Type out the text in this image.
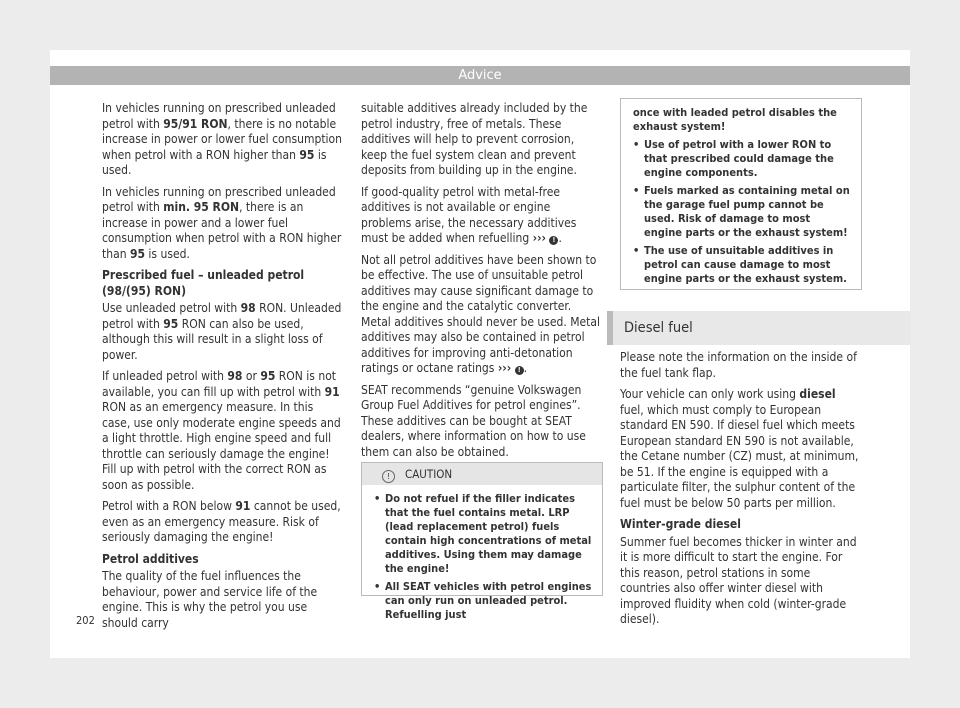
Advice

In vehicles running on prescribed unleaded petrol with 95/91 RON, there is no notable increase in power or lower fuel consumption when petrol with a RON higher than 95 is used.

In vehicles running on prescribed unleaded petrol with min. 95 RON, there is an increase in power and a lower fuel consumption when petrol with a RON higher than 95 is used.

Prescribed fuel – unleaded petrol (98/(95) RON)

Use unleaded petrol with 98 RON. Unleaded petrol with 95 RON can also be used, although this will result in a slight loss of power.

If unleaded petrol with 98 or 95 RON is not available, you can fill up with petrol with 91 RON as an emergency measure. In this case, use only moderate engine speeds and a light throttle. High engine speed and full throttle can seriously damage the engine! Fill up with petrol with the correct RON as soon as possible.

Petrol with a RON below 91 cannot be used, even as an emergency measure. Risk of seriously damaging the engine!

Petrol additives

The quality of the fuel influences the behaviour, power and service life of the engine. This is why the petrol you use should carry

suitable additives already included by the petrol industry, free of metals. These additives will help to prevent corrosion, keep the fuel system clean and prevent deposits from building up in the engine.

If good-quality petrol with metal-free additives is not available or engine problems arise, the necessary additives must be added when refuelling ››› ! .

Not all petrol additives have been shown to be effective. The use of unsuitable petrol additives may cause significant damage to the engine and the catalytic converter. Metal additives should never be used. Metal additives may also be contained in petrol additives for improving anti-detonation ratings or octane ratings ››› ! .

SEAT recommends “genuine Volkswagen Group Fuel Additives for petrol engines”. These additives can be bought at SEAT dealers, where information on how to use them can also be obtained.

! CAUTION

• Do not refuel if the filler indicates that the fuel contains metal. LRP (lead replacement petrol) fuels contain high concentrations of metal additives. Using them may damage the engine!

• All SEAT vehicles with petrol engines can only run on unleaded petrol. Refuelling just

once with leaded petrol disables the exhaust system!

• Use of petrol with a lower RON to that prescribed could damage the engine components.

• Fuels marked as containing metal on the garage fuel pump cannot be used. Risk of damage to most engine parts or the exhaust system!

• The use of unsuitable additives in petrol can cause damage to most engine parts or the exhaust system.

Diesel fuel

Please note the information on the inside of the fuel tank flap.

Your vehicle can only work using diesel fuel, which must comply to European standard EN 590. If diesel fuel which meets European standard EN 590 is not available, the Cetane number (CZ) must, at minimum, be 51. If the engine is equipped with a particulate filter, the sulphur content of the fuel must be below 50 parts per million.

Winter-grade diesel

Summer fuel becomes thicker in winter and it is more difficult to start the engine. For this reason, petrol stations in some countries also offer winter diesel with improved fluidity when cold (winter-grade diesel).

202
